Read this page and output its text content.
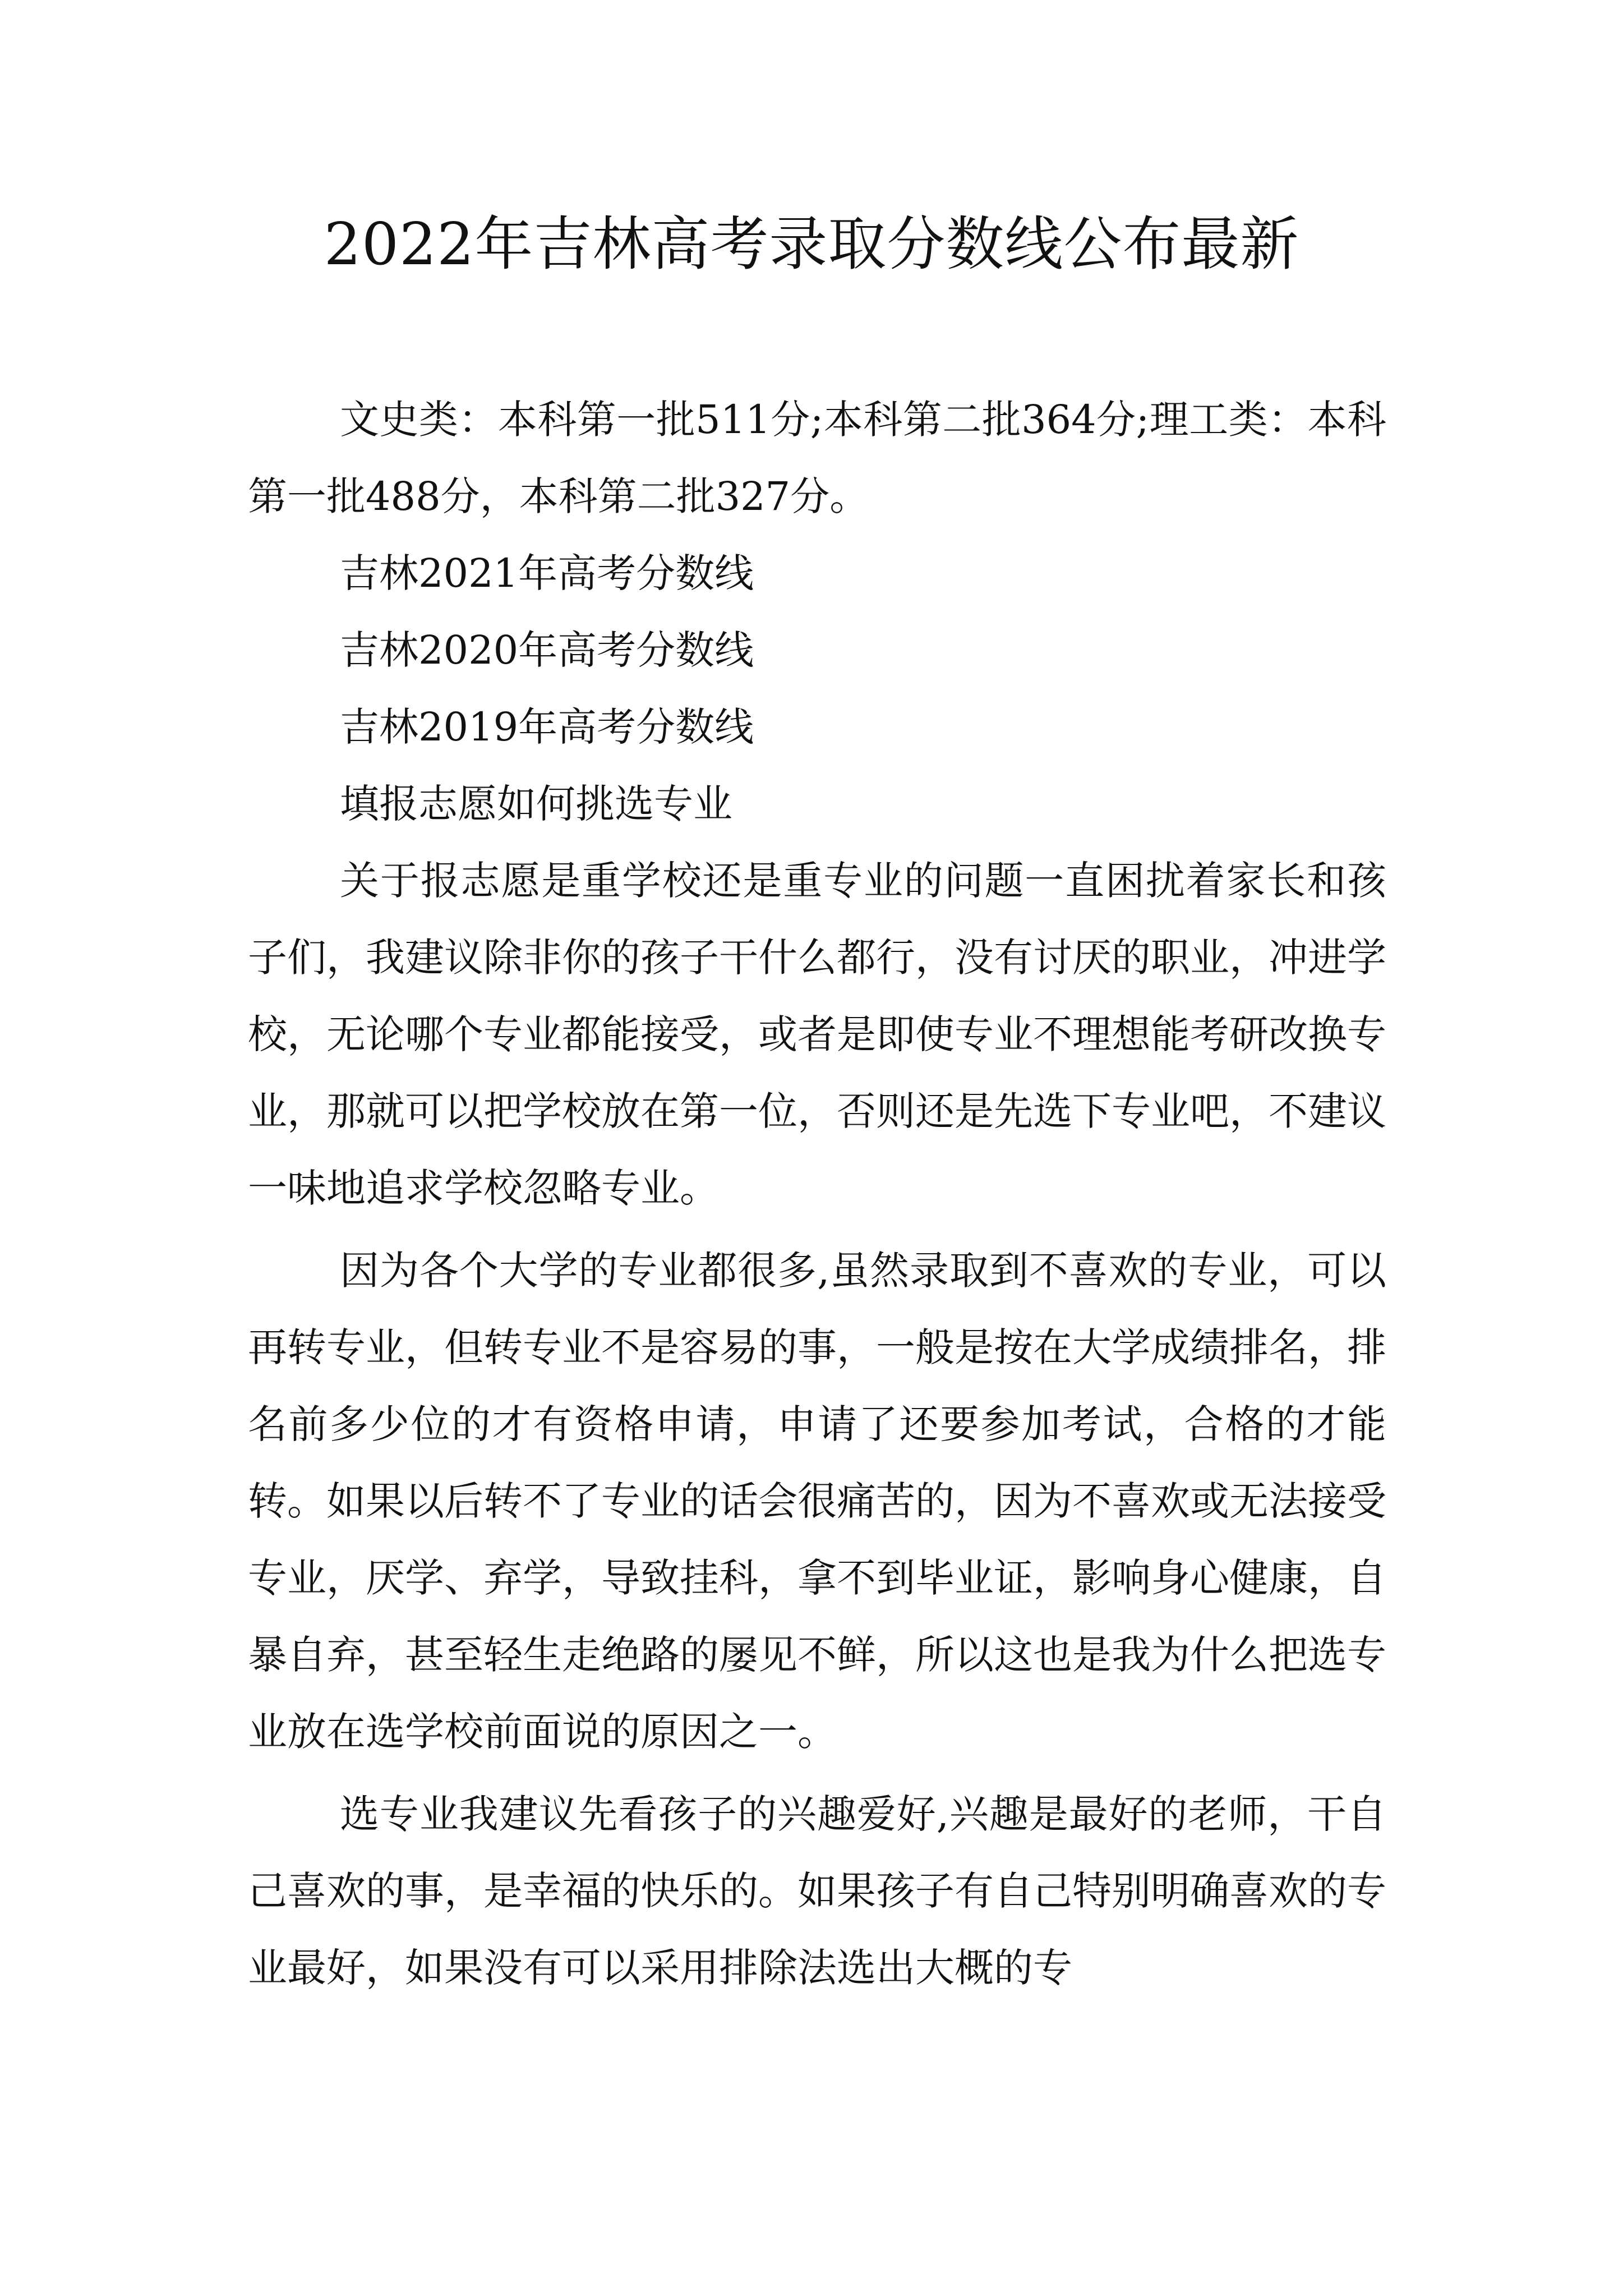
2022年吉林高考录取分数线公布最新

文史类：本科第一批511分;本科第二批364分;理工类：本科第一批488分，本科第二批327分。

吉林2021年高考分数线

吉林2020年高考分数线

吉林2019年高考分数线

填报志愿如何挑选专业

关于报志愿是重学校还是重专业的问题一直困扰着家长和孩子们，我建议除非你的孩子干什么都行，没有讨厌的职业，冲进学校，无论哪个专业都能接受，或者是即使专业不理想能考研改换专业，那就可以把学校放在第一位，否则还是先选下专业吧，不建议一味地追求学校忽略专业。

因为各个大学的专业都很多,虽然录取到不喜欢的专业，可以再转专业，但转专业不是容易的事，一般是按在大学成绩排名，排名前多少位的才有资格申请，申请了还要参加考试，合格的才能转。如果以后转不了专业的话会很痛苦的，因为不喜欢或无法接受专业，厌学、弃学，导致挂科，拿不到毕业证，影响身心健康，自暴自弃，甚至轻生走绝路的屡见不鲜，所以这也是我为什么把选专业放在选学校前面说的原因之一。

选专业我建议先看孩子的兴趣爱好,兴趣是最好的老师，干自己喜欢的事，是幸福的快乐的。如果孩子有自己特别明确喜欢的专业最好，如果没有可以采用排除法选出大概的专
